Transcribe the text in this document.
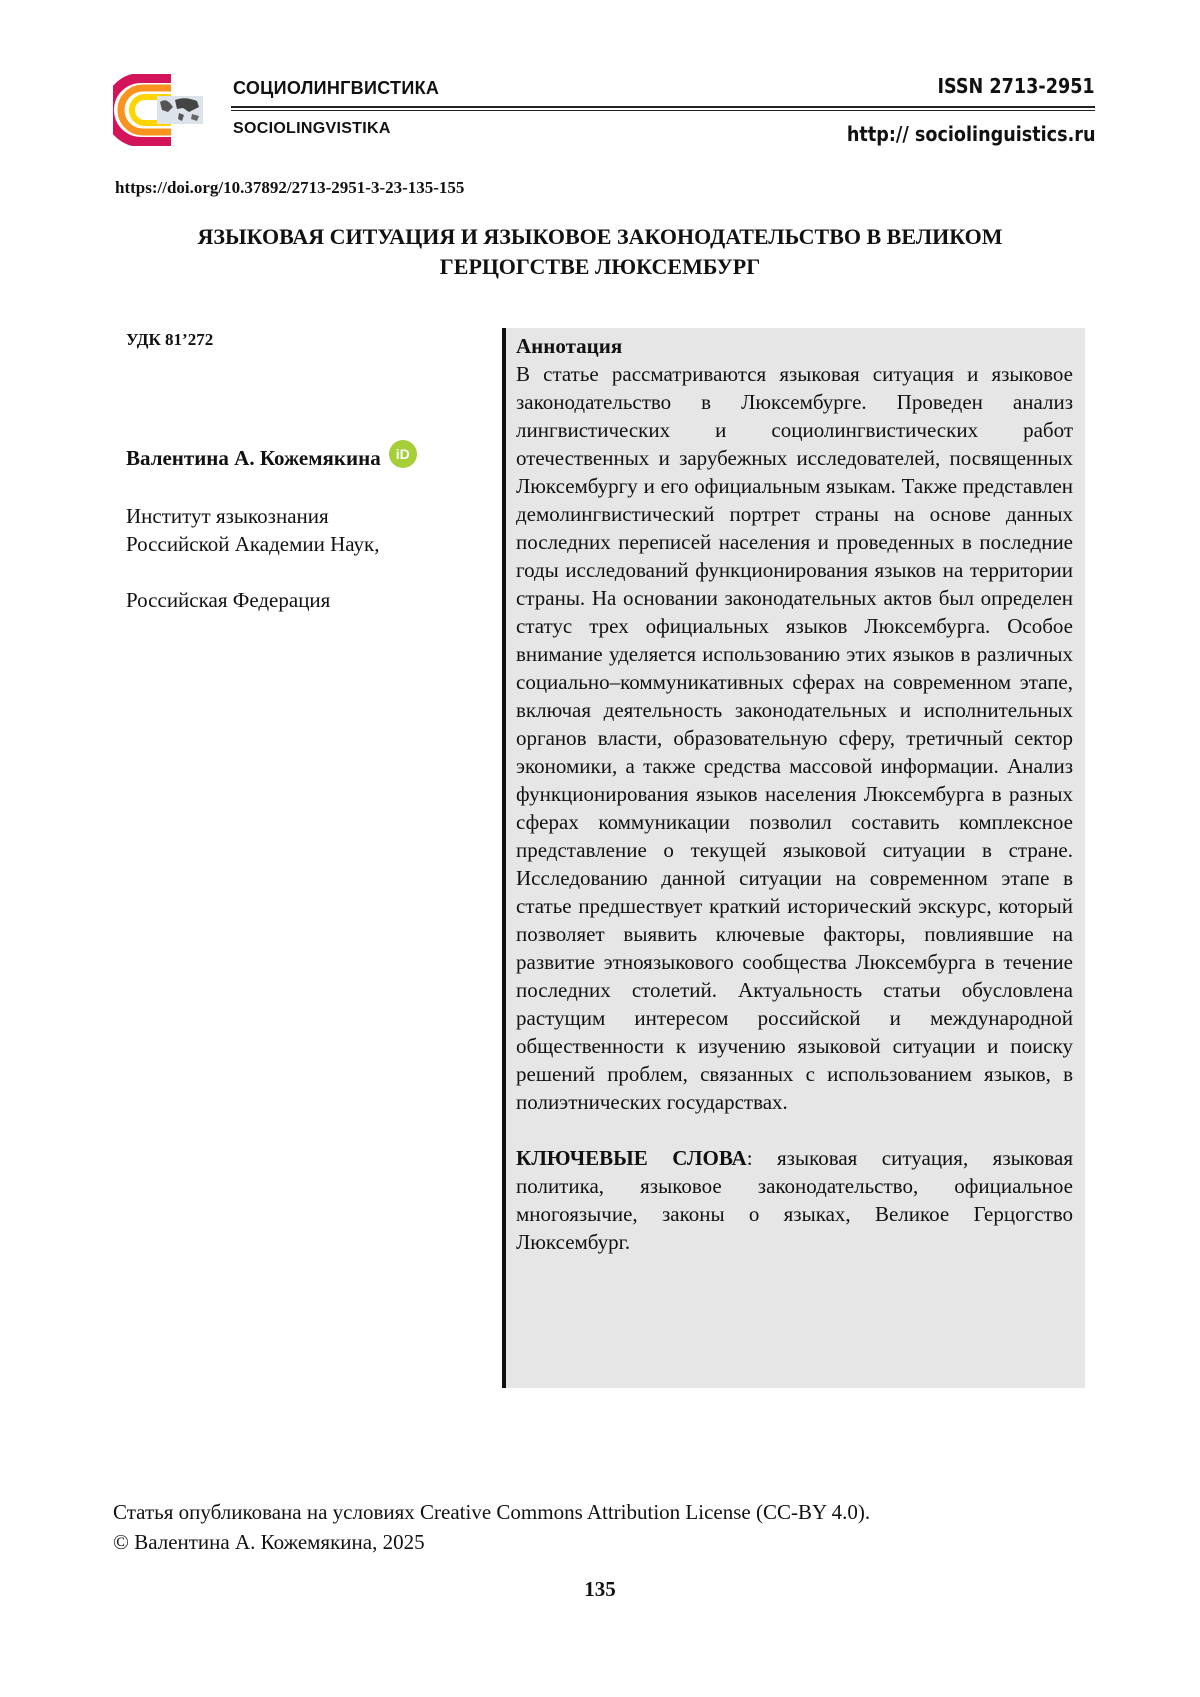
СОЦИОЛИНГВИСТИКА
SOCIOLINGVISTIKA
ISSN 2713-2951
http:// sociolinguistics.ru
https://doi.org/10.37892/2713-2951-3-23-135-155
ЯЗЫКОВАЯ СИТУАЦИЯ И ЯЗЫКОВОЕ ЗАКОНОДАТЕЛЬСТВО В ВЕЛИКОМ ГЕРЦОГСТВЕ ЛЮКСЕМБУРГ
УДК 81’272
Валентина А. Кожемякина iD
Институт языкознания
Российской Академии Наук,
Российская Федерация
Аннотация

В статье рассматриваются языковая ситуация и языковое законодательство в Люксембурге. Проведен анализ лингвистических и социолингвистических работ отечественных и зарубежных исследователей, посвященных Люксембургу и его официальным языкам. Также представлен демолингвистический портрет страны на основе данных последних переписей населения и проведенных в последние годы исследований функционирования языков на территории страны. На основании законодательных актов был определен статус трех официальных языков Люксембурга. Особое внимание уделяется использованию этих языков в различных социально–коммуникативных сферах на современном этапе, включая деятельность законодательных и исполнительных органов власти, образовательную сферу, третичный сектор экономики, а также средства массовой информации. Анализ функционирования языков населения Люксембурга в разных сферах коммуникации позволил составить комплексное представление о текущей языковой ситуации в стране. Исследованию данной ситуации на современном этапе в статье предшествует краткий исторический экскурс, который позволяет выявить ключевые факторы, повлиявшие на развитие этноязыкового сообщества Люксембурга в течение последних столетий. Актуальность статьи обусловлена растущим интересом российской и международной общественности к изучению языковой ситуации и поиску решений проблем, связанных с использованием языков, в полиэтнических государствах.

КЛЮЧЕВЫЕ СЛОВА: языковая ситуация, языковая политика, языковое законодательство, официальное многоязычие, законы о языках, Великое Герцогство Люксембург.

Статья опубликована на условиях Creative Commons Attribution License (CC-BY 4.0).
© Валентина А. Кожемякина, 2025
135
